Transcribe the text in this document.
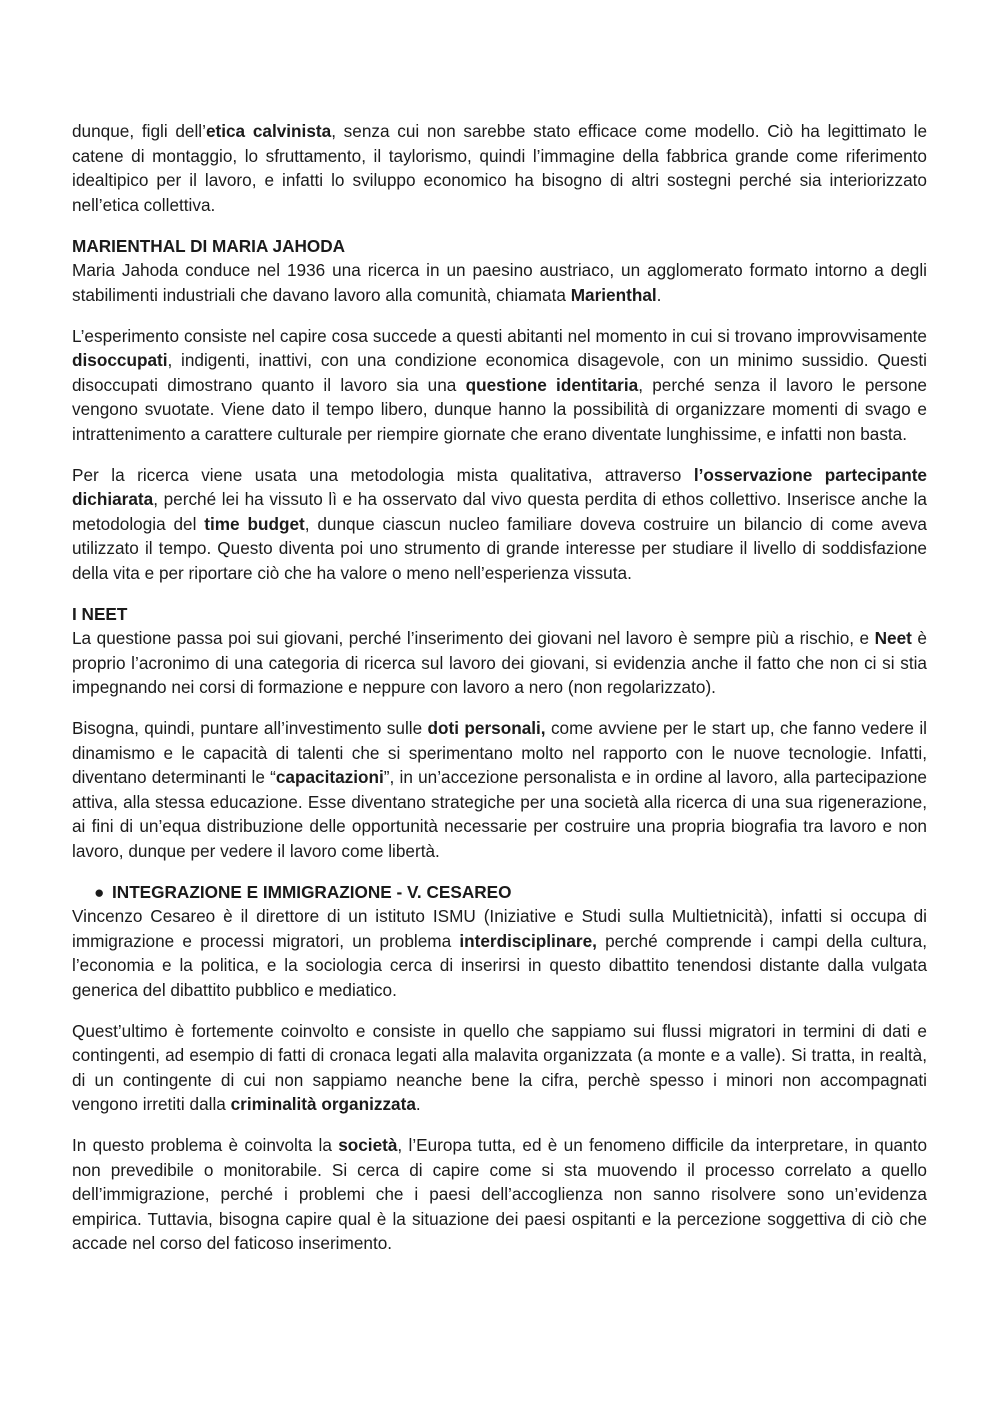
dunque, figli dell’etica calvinista, senza cui non sarebbe stato efficace come modello. Ciò ha legittimato le catene di montaggio, lo sfruttamento, il taylorismo, quindi l’immagine della fabbrica grande come riferimento idealtipico per il lavoro, e infatti lo sviluppo economico ha bisogno di altri sostegni perché sia interiorizzato nell’etica collettiva.

MARIENTHAL DI MARIA JAHODA

Maria Jahoda conduce nel 1936 una ricerca in un paesino austriaco, un agglomerato formato intorno a degli stabilimenti industriali che davano lavoro alla comunità, chiamata Marienthal.

L’esperimento consiste nel capire cosa succede a questi abitanti nel momento in cui si trovano improvvisamente disoccupati, indigenti, inattivi, con una condizione economica disagevole, con un minimo sussidio. Questi disoccupati dimostrano quanto il lavoro sia una questione identitaria, perché senza il lavoro le persone vengono svuotate. Viene dato il tempo libero, dunque hanno la possibilità di organizzare momenti di svago e intrattenimento a carattere culturale per riempire giornate che erano diventate lunghissime, e infatti non basta.

Per la ricerca viene usata una metodologia mista qualitativa, attraverso l’osservazione partecipante dichiarata, perché lei ha vissuto lì e ha osservato dal vivo questa perdita di ethos collettivo. Inserisce anche la metodologia del time budget, dunque ciascun nucleo familiare doveva costruire un bilancio di come aveva utilizzato il tempo. Questo diventa poi uno strumento di grande interesse per studiare il livello di soddisfazione della vita e per riportare ciò che ha valore o meno nell’esperienza vissuta.

I NEET

La questione passa poi sui giovani, perché l’inserimento dei giovani nel lavoro è sempre più a rischio, e Neet è proprio l’acronimo di una categoria di ricerca sul lavoro dei giovani, si evidenzia anche il fatto che non ci si stia impegnando nei corsi di formazione e neppure con lavoro a nero (non regolarizzato).

Bisogna, quindi, puntare all’investimento sulle doti personali, come avviene per le start up, che fanno vedere il dinamismo e le capacità di talenti che si sperimentano molto nel rapporto con le nuove tecnologie. Infatti, diventano determinanti le “capacitazioni”, in un’accezione personalista e in ordine al lavoro, alla partecipazione attiva, alla stessa educazione. Esse diventano strategiche per una società alla ricerca di una sua rigenerazione, ai fini di un’equa distribuzione delle opportunità necessarie per costruire una propria biografia tra lavoro e non lavoro, dunque per vedere il lavoro come libertà.

● INTEGRAZIONE E IMMIGRAZIONE - V. CESAREO

Vincenzo Cesareo è il direttore di un istituto ISMU (Iniziative e Studi sulla Multietnicità), infatti si occupa di immigrazione e processi migratori, un problema interdisciplinare, perché comprende i campi della cultura, l’economia e la politica, e la sociologia cerca di inserirsi in questo dibattito tenendosi distante dalla vulgata generica del dibattito pubblico e mediatico.

Quest’ultimo è fortemente coinvolto e consiste in quello che sappiamo sui flussi migratori in termini di dati e contingenti, ad esempio di fatti di cronaca legati alla malavita organizzata (a monte e a valle). Si tratta, in realtà, di un contingente di cui non sappiamo neanche bene la cifra, perchè spesso i minori non accompagnati vengono irretiti dalla criminalità organizzata.

In questo problema è coinvolta la società, l’Europa tutta, ed è un fenomeno difficile da interpretare, in quanto non prevedibile o monitorabile. Si cerca di capire come si sta muovendo il processo correlato a quello dell’immigrazione, perché i problemi che i paesi dell’accoglienza non sanno risolvere sono un’evidenza empirica. Tuttavia, bisogna capire qual è la situazione dei paesi ospitanti e la percezione soggettiva di ciò che accade nel corso del faticoso inserimento.
